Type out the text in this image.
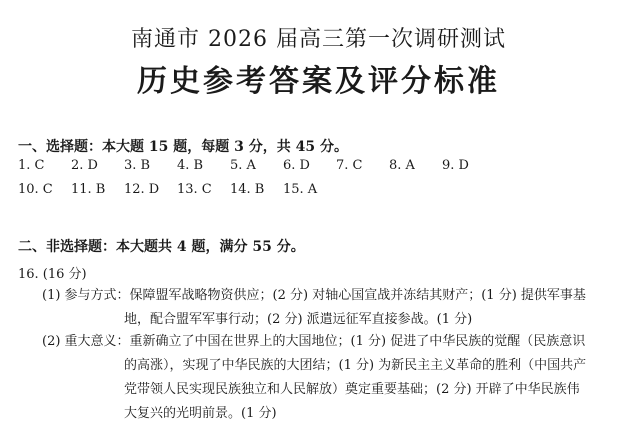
南通市 2026 届高三第一次调研测试
历史参考答案及评分标准
一、选择题：本大题 15 题，每题 3 分，共 45 分。
1. C	2. D	3. B	4. B	5. A	6. D	7. C	8. A	9. D
10. C	11. B	12. D	13. C	14. B	15. A
二、非选择题：本大题共 4 题，满分 55 分。
16. (16 分)
(1) 参与方式：保障盟军战略物资供应；(2 分) 对轴心国宣战并冻结其财产；(1 分) 提供军事基
地，配合盟军军事行动；(2 分) 派遣远征军直接参战。(1 分)
(2) 重大意义：重新确立了中国在世界上的大国地位；(1 分) 促进了中华民族的觉醒（民族意识
的高涨），实现了中华民族的大团结；(1 分) 为新民主主义革命的胜利（中国共产
党带领人民实现民族独立和人民解放）奠定重要基础；(2 分) 开辟了中华民族伟
大复兴的光明前景。(1 分)
